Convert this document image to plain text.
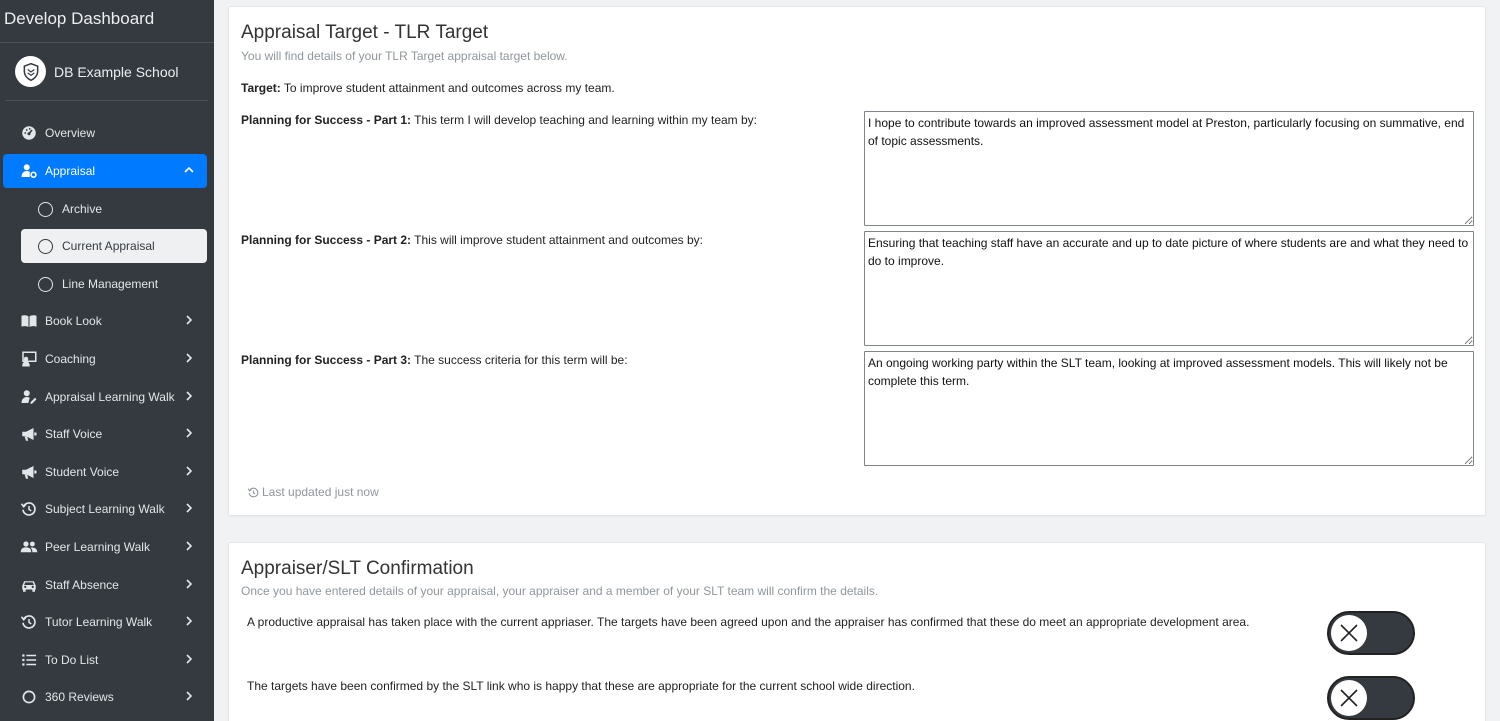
Develop Dashboard
DB Example School
Overview
Appraisal
Archive
Current Appraisal
Line Management
Book Look
Coaching
Appraisal Learning Walk
Staff Voice
Student Voice
Subject Learning Walk
Peer Learning Walk
Staff Absence
Tutor Learning Walk
To Do List
360 Reviews
Appraisal Target - TLR Target
You will find details of your TLR Target appraisal target below.
Target: To improve student attainment and outcomes across my team.
Planning for Success - Part 1: This term I will develop teaching and learning within my team by:
I hope to contribute towards an improved assessment model at Preston, particularly focusing on summative, end of topic assessments.
Planning for Success - Part 2: This will improve student attainment and outcomes by:
Ensuring that teaching staff have an accurate and up to date picture of where students are and what they need to do to improve.
Planning for Success - Part 3: The success criteria for this term will be:
An ongoing working party within the SLT team, looking at improved assessment models. This will likely not be complete this term.
Last updated just now
Appraiser/SLT Confirmation
Once you have entered details of your appraisal, your appraiser and a member of your SLT team will confirm the details.
A productive appraisal has taken place with the current appriaser. The targets have been agreed upon and the appraiser has confirmed that these do meet an appropriate development area.
The targets have been confirmed by the SLT link who is happy that these are appropriate for the current school wide direction.
